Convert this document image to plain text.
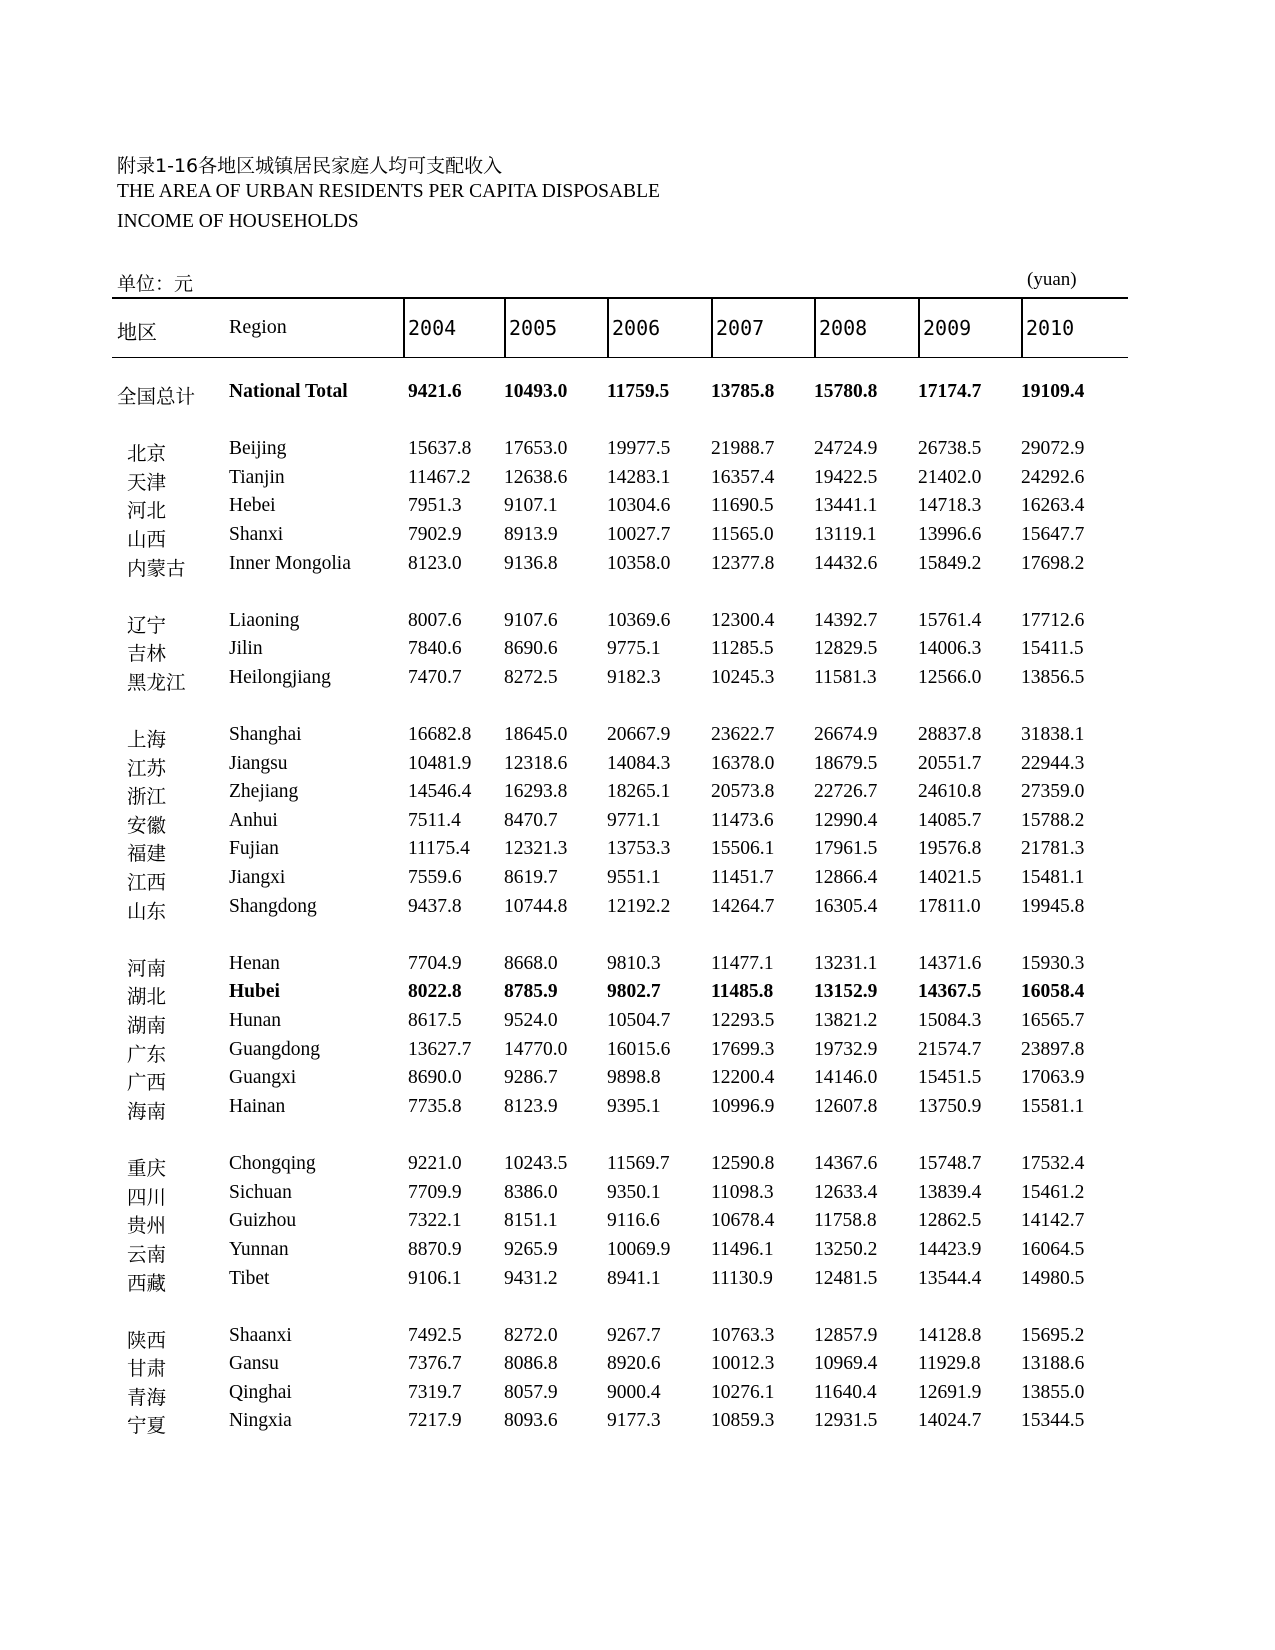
附录1-16各地区城镇居民家庭人均可支配收入
THE AREA OF URBAN RESIDENTS PER CAPITA DISPOSABLE
INCOME OF HOUSEHOLDS
单位：元	(yuan)
地区	Region	2004	2005	2006	2007	2008	2009	2010
全国总计 National Total	9421.6 10493.0 11759.5 13785.8 15780.8 17174.7 19109.4
北京	Beijing	15637.8 17653.0 19977.5 21988.7 24724.9 26738.5 29072.9
天津	Tianjin	11467.2 12638.6 14283.1 16357.4 19422.5 21402.0 24292.6
河北	Hebei	7951.3 9107.1	10304.6 11690.5 13441.1 14718.3 16263.4
山西	Shanxi	7902.9 8913.9	10027.7 11565.0 13119.1 13996.6 15647.7
内蒙古 Inner Mongolia	8123.0 9136.8	10358.0 12377.8 14432.6 15849.2 17698.2
辽宁	Liaoning	8007.6 9107.6	10369.6 12300.4 14392.7 15761.4 17712.6
吉林	Jilin	7840.6 8690.6	9775.1	11285.5 12829.5 14006.3 15411.5
黑龙江 Heilongjiang	7470.7 8272.5	9182.3	10245.3 11581.3 12566.0 13856.5
上海	Shanghai	16682.8 18645.0 20667.9 23622.7 26674.9 28837.8 31838.1
江苏	Jiangsu	10481.9 12318.6 14084.3 16378.0 18679.5 20551.7 22944.3
浙江	Zhejiang	14546.4 16293.8 18265.1 20573.8 22726.7 24610.8 27359.0
安徽	Anhui	7511.4 8470.7	9771.1	11473.6 12990.4 14085.7 15788.2
福建	Fujian	11175.4 12321.3 13753.3 15506.1 17961.5 19576.8 21781.3
江西	Jiangxi	7559.6 8619.7	9551.1	11451.7 12866.4 14021.5 15481.1
山东	Shangdong	9437.8 10744.8 12192.2 14264.7 16305.4 17811.0 19945.8
河南	Henan	7704.9 8668.0	9810.3	11477.1 13231.1 14371.6 15930.3
湖北	Hubei	8022.8 8785.9	9802.7	11485.8 13152.9 14367.5 16058.4
湖南	Hunan	8617.5 9524.0	10504.7 12293.5 13821.2 15084.3 16565.7
广东	Guangdong	13627.7 14770.0 16015.6 17699.3 19732.9 21574.7 23897.8
广西	Guangxi	8690.0 9286.7	9898.8	12200.4 14146.0 15451.5 17063.9
海南	Hainan	7735.8 8123.9	9395.1	10996.9 12607.8 13750.9 15581.1
重庆	Chongqing	9221.0 10243.5 11569.7 12590.8 14367.6 15748.7 17532.4
四川	Sichuan	7709.9 8386.0	9350.1	11098.3 12633.4 13839.4 15461.2
贵州	Guizhou	7322.1 8151.1	9116.6	10678.4 11758.8 12862.5 14142.7
云南	Yunnan	8870.9 9265.9	10069.9 11496.1 13250.2 14423.9 16064.5
西藏	Tibet	9106.1 9431.2	8941.1	11130.9 12481.5 13544.4 14980.5
陕西	Shaanxi	7492.5 8272.0	9267.7	10763.3 12857.9 14128.8 15695.2
甘肃	Gansu	7376.7 8086.8	8920.6	10012.3 10969.4 11929.8 13188.6
青海	Qinghai	7319.7 8057.9	9000.4	10276.1 11640.4 12691.9 13855.0
宁夏	Ningxia	7217.9 8093.6	9177.3	10859.3 12931.5 14024.7 15344.5
